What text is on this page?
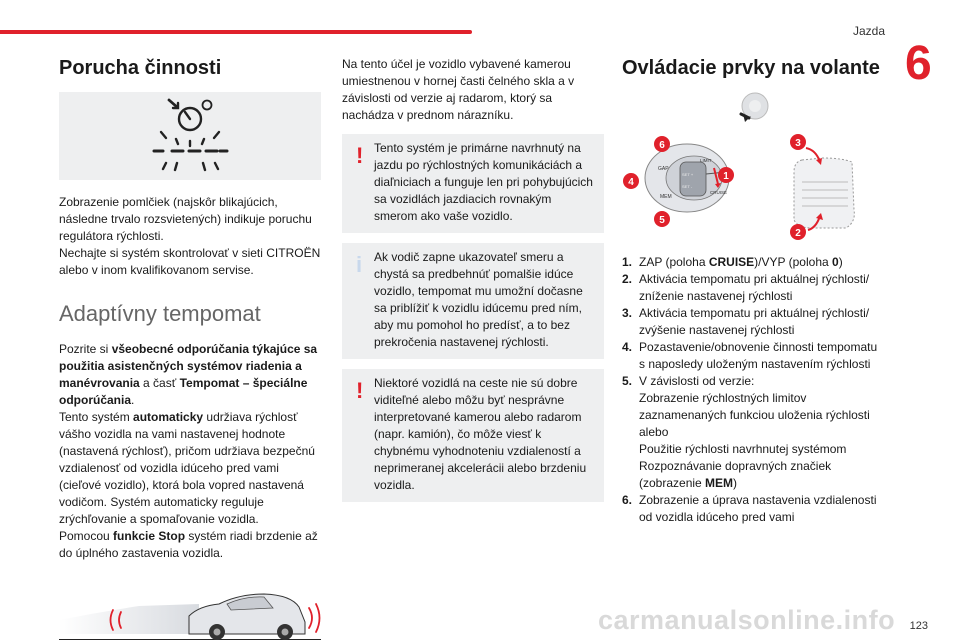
Jazda
6
Porucha činnosti

Zobrazenie pomlčiek (najskôr blikajúcich, následne trvalo rozsvietených) indikuje poruchu regulátora rýchlosti.

Nechajte si systém skontrolovať v sieti CITROËN alebo v inom kvalifikovanom servise.

Adaptívny tempomat

Pozrite si všeobecné odporúčania týkajúce sa použitia asistenčných systémov riadenia a manévrovania a časť Tempomat – špeciálne odporúčania.

Tento systém automaticky udržiava rýchlosť vášho vozidla na vami nastavenej hodnote (nastavená rýchlosť), pričom udržiava bezpečnú vzdialenosť od vozidla idúceho pred vami (cieľové vozidlo), ktorá bola vopred nastavená vodičom. Systém automaticky reguluje zrýchľovanie a spomaľovanie vozidla.

Pomocou funkcie Stop systém riadi brzdenie až do úplného zastavenia vozidla.

Na tento účel je vozidlo vybavené kamerou umiestnenou v hornej časti čelného skla a v závislosti od verzie aj radarom, ktorý sa nachádza v prednom nárazníku.

! Tento systém je primárne navrhnutý na jazdu po rýchlostných komunikáciách a diaľniciach a funguje len pri pohybujúcich sa vozidlách jazdiacich rovnakým smerom ako vaše vozidlo.

i Ak vodič zapne ukazovateľ smeru a chystá sa predbehnúť pomalšie idúce vozidlo, tempomat mu umožní dočasne sa priblížiť k vozidlu idúcemu pred ním, aby mu pomohol ho predísť, a to bez prekročenia nastavenej rýchlosti.

! Niektoré vozidlá na ceste nie sú dobre viditeľné alebo môžu byť nesprávne interpretované kamerou alebo radarom (napr. kamión), čo môže viesť k chybnému vyhodnoteniu vzdialeností a neprimeranej akcelerácii alebo brzdeniu vozidla.

Ovládacie prvky na volante
GAP
LIMIT
CRUISE
MEM
SET +
SET -
6
4
5
1
3
2
1. ZAP (poloha CRUISE)/VYP (poloha 0)
2. Aktivácia tempomatu pri aktuálnej rýchlosti/ zníženie nastavenej rýchlosti
3. Aktivácia tempomatu pri aktuálnej rýchlosti/ zvýšenie nastavenej rýchlosti
4. Pozastavenie/obnovenie činnosti tempomatu s naposledy uloženým nastavením rýchlosti
5. V závislosti od verzie:
Zobrazenie rýchlostných limitov zaznamenaných funkciou uloženia rýchlosti alebo
Použitie rýchlosti navrhnutej systémom Rozpoznávanie dopravných značiek (zobrazenie MEM)
6. Zobrazenie a úprava nastavenia vzdialenosti od vozidla idúceho pred vami
carmanualsonline.info 123
